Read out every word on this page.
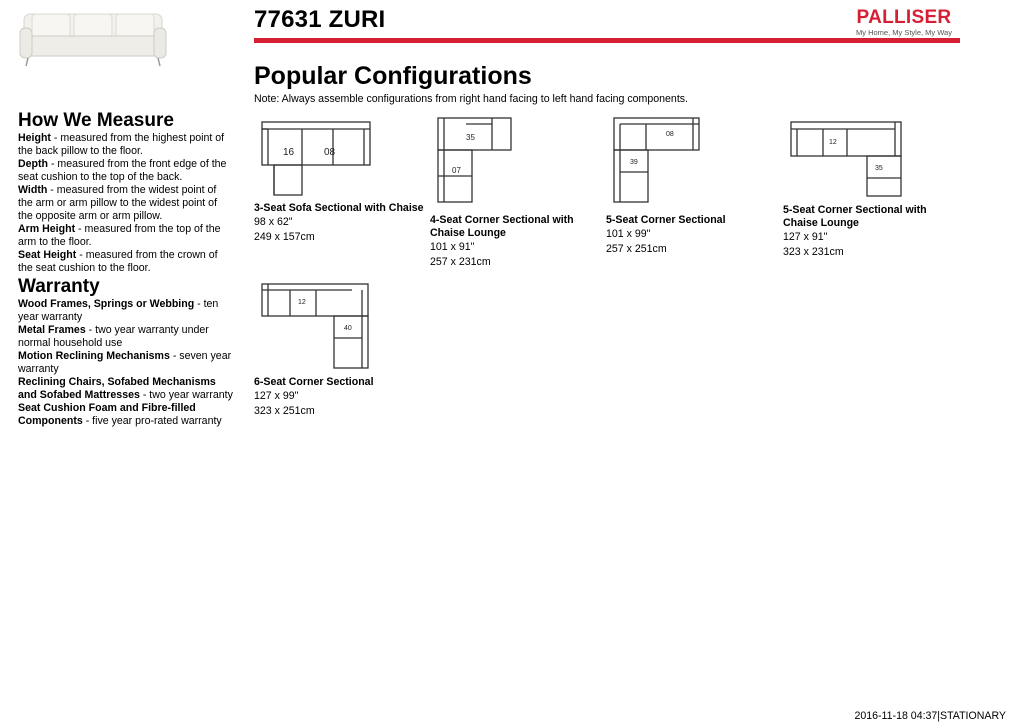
77631 ZURI	PALLISER
My Home, My Style, My Way
How We Measure
Height - measured from the highest point of the back pillow to the floor.
Depth - measured from the front edge of the seat cushion to the top of the back.
Width - measured from the widest point of the arm or arm pillow to the widest point of the opposite arm or arm pillow.
Arm Height - measured from the top of the arm to the floor.
Seat Height - measured from the crown of the seat cushion to the floor.
Warranty
Wood Frames, Springs or Webbing - ten year warranty
Metal Frames - two year warranty under normal household use
Motion Reclining Mechanisms - seven year warranty
Reclining Chairs, Sofabed Mechanisms and Sofabed Mattresses - two year warranty
Seat Cushion Foam and Fibre-filled Components - five year pro-rated warranty
Popular Configurations
Note: Always assemble configurations from right hand facing to left hand facing components.
16	08
3-Seat Sofa Sectional with Chaise
98 x 62"
249 x 157cm
35
07
4-Seat Corner Sectional with Chaise Lounge
101 x 91"
257 x 231cm
08
39
5-Seat Corner Sectional
101 x 99"
257 x 251cm
12
35
5-Seat Corner Sectional with Chaise Lounge
127 x 91"
323 x 231cm
12
40
6-Seat Corner Sectional
127 x 99"
323 x 251cm
2016-11-18 04:37|STATIONARY
